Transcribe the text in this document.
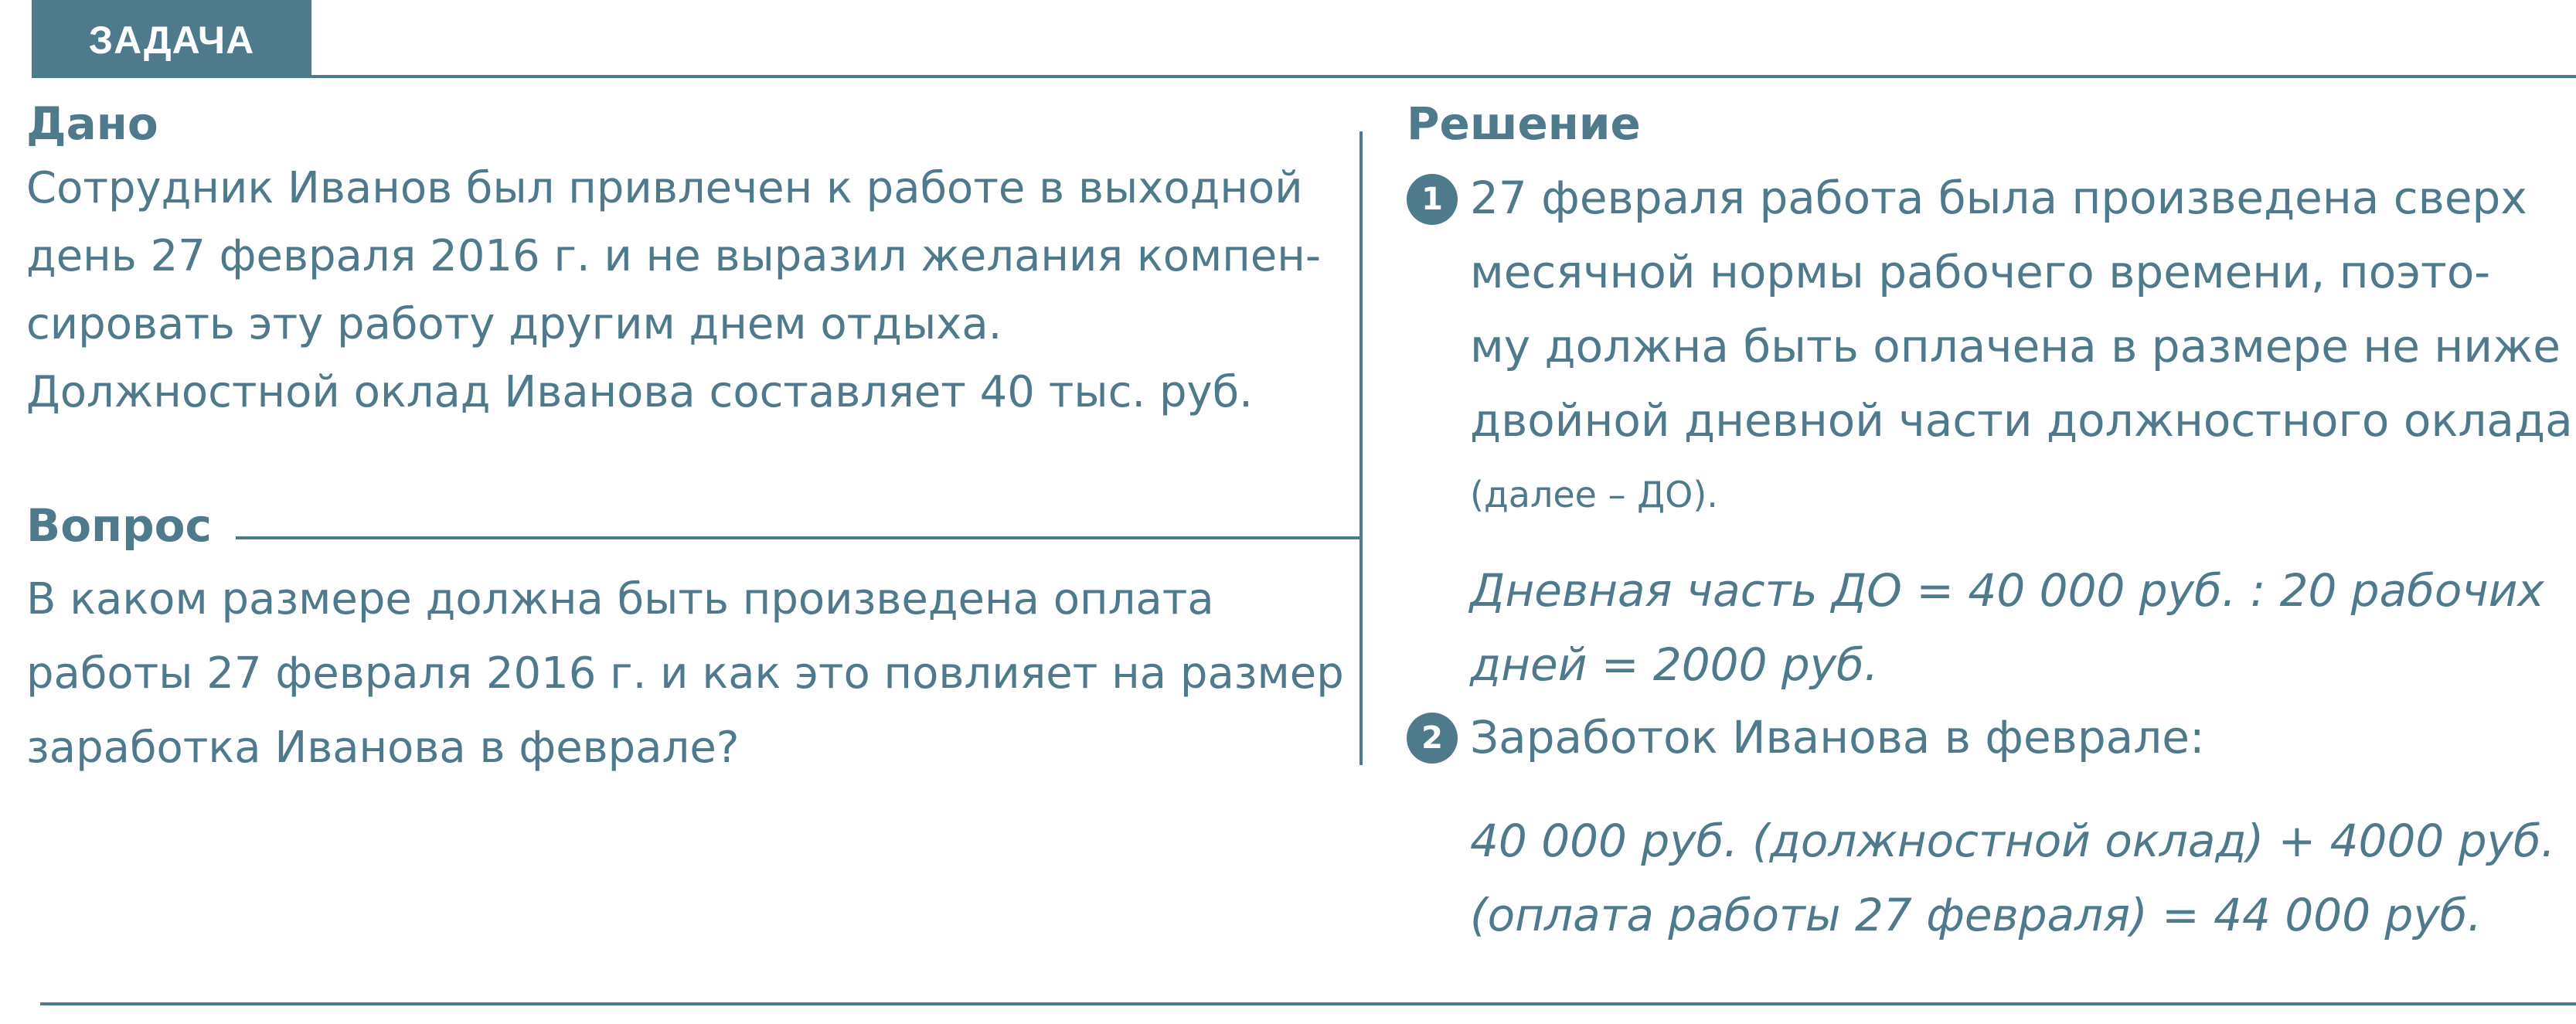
ЗАДАЧА
Дано
Сотрудник Иванов был привлечен к работе в выходной
день 27 февраля 2016 г. и не выразил желания компен-
сировать эту работу другим днем отдыха.
Должностной оклад Иванова составляет 40 тыс. руб.
Вопрос
В каком размере должна быть произведена оплата
работы 27 февраля 2016 г. и как это повлияет на размер
заработка Иванова в феврале?
Решение
1 27 февраля работа была произведена сверх
месячной нормы рабочего времени, поэто-
му должна быть оплачена в размере не ниже
двойной дневной части должностного оклада
(далее – ДО).
Дневная часть ДО = 40 000 руб. : 20 рабочих
дней = 2000 руб.
2 Заработок Иванова в феврале:
40 000 руб. (должностной оклад) + 4000 руб.
(оплата работы 27 февраля) = 44 000 руб.
